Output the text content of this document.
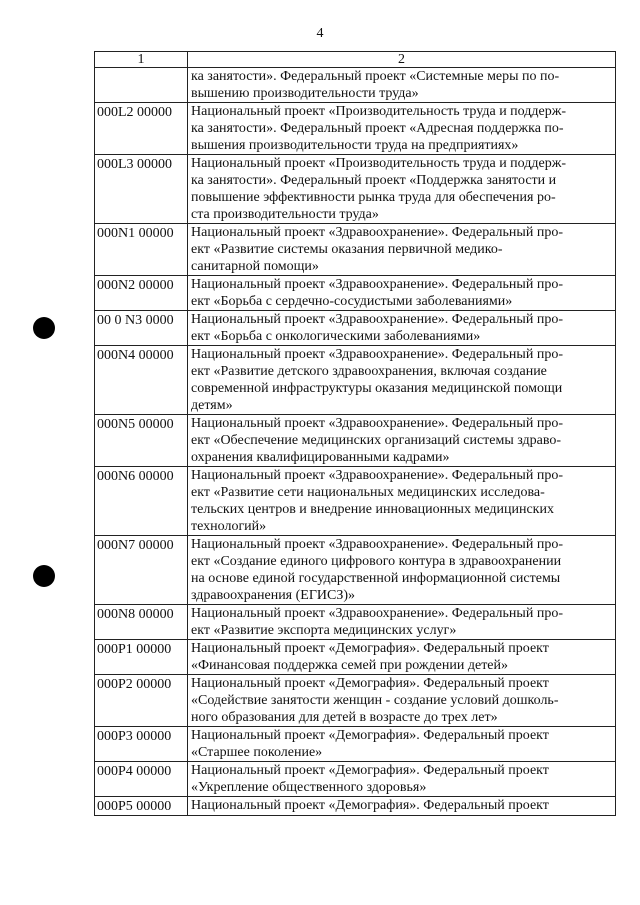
4
1	2

	ка занятости». Федеральный проект «Системные меры по по-
вышению производительности труда»

000L2 00000	Национальный проект «Производительность труда и поддерж-
ка занятости». Федеральный проект «Адресная поддержка по-
вышения производительности труда на предприятиях»

000L3 00000	Национальный проект «Производительность труда и поддерж-
ка занятости». Федеральный проект «Поддержка занятости и
повышение эффективности рынка труда для обеспечения ро-
ста производительности труда»

000N1 00000	Национальный проект «Здравоохранение». Федеральный про-
ект «Развитие системы оказания первичной медико-
санитарной помощи»

000N2 00000	Национальный проект «Здравоохранение». Федеральный про-
ект «Борьба с сердечно-сосудистыми заболеваниями»

00 0 N3 0000	Национальный проект «Здравоохранение». Федеральный про-
ект «Борьба с онкологическими заболеваниями»

000N4 00000	Национальный проект «Здравоохранение». Федеральный про-
ект «Развитие детского здравоохранения, включая создание
современной инфраструктуры оказания медицинской помощи
детям»

000N5 00000	Национальный проект «Здравоохранение». Федеральный про-
ект «Обеспечение медицинских организаций системы здраво-
охранения квалифицированными кадрами»

000N6 00000	Национальный проект «Здравоохранение». Федеральный про-
ект «Развитие сети национальных медицинских исследова-
тельских центров и внедрение инновационных медицинских
технологий»

000N7 00000	Национальный проект «Здравоохранение». Федеральный про-
ект «Создание единого цифрового контура в здравоохранении
на основе единой государственной информационной системы
здравоохранения (ЕГИСЗ)»

000N8 00000	Национальный проект «Здравоохранение». Федеральный про-
ект «Развитие экспорта медицинских услуг»

000P1 00000	Национальный проект «Демография». Федеральный проект
«Финансовая поддержка семей при рождении детей»

000P2 00000	Национальный проект «Демография». Федеральный проект
«Содействие занятости женщин - создание условий дошколь-
ного образования для детей в возрасте до трех лет»

000P3 00000	Национальный проект «Демография». Федеральный проект
«Старшее поколение»

000P4 00000	Национальный проект «Демография». Федеральный проект
«Укрепление общественного здоровья»

000P5 00000	Национальный проект «Демография». Федеральный проект
